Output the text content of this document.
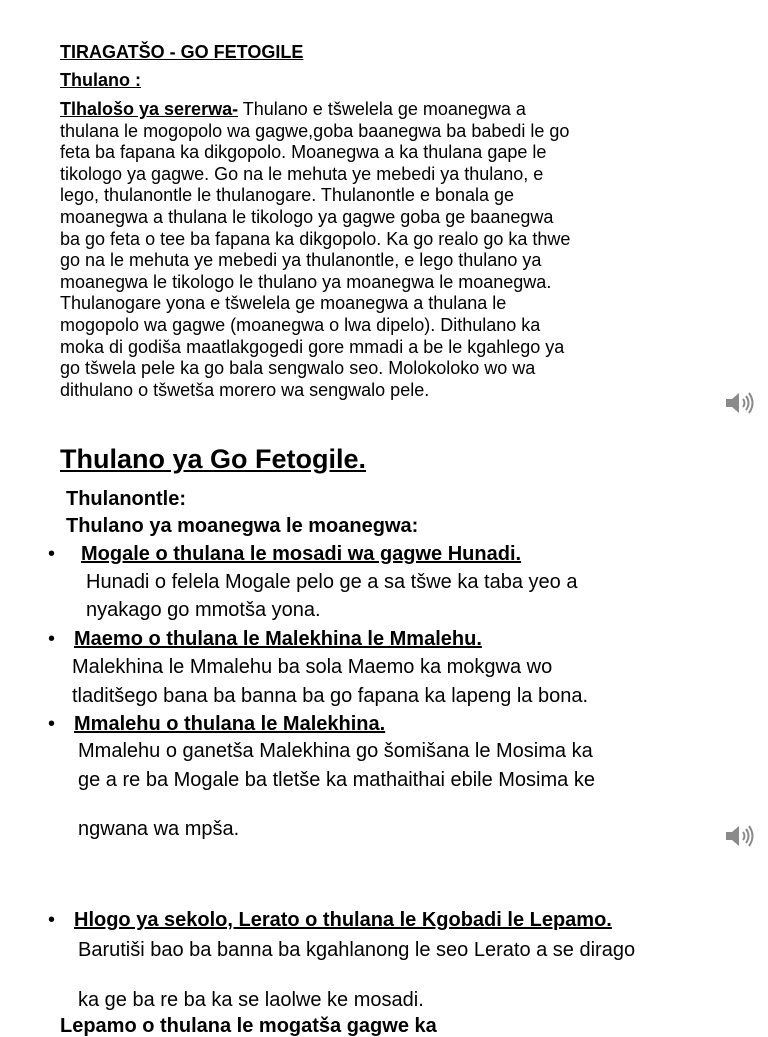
TIRAGATŠO - GO FETOGILE
Thulano :
Tlhalošo ya sererwa- Thulano e tšwelela ge moanegwa a
thulana le mogopolo wa gagwe,goba baanegwa ba babedi le go
feta ba fapana ka dikgopolo. Moanegwa a ka thulana gape le
tikologo ya gagwe. Go na le mehuta ye mebedi ya thulano, e
lego, thulanontle le thulanogare. Thulanontle e bonala ge
moanegwa a thulana le tikologo ya gagwe goba ge baanegwa
ba go feta o tee ba fapana ka dikgopolo. Ka go realo go ka thwe
go na le mehuta ye mebedi ya thulanontle, e lego thulano ya
moanegwa le tikologo le thulano ya moanegwa le moanegwa.
Thulanogare yona e tšwelela ge moanegwa a thulana le
mogopolo wa gagwe (moanegwa o lwa dipelo). Dithulano ka
moka di godiša maatlakgogedi gore mmadi a be le kgahlego ya
go tšwela pele ka go bala sengwalo seo. Molokoloko wo wa
dithulano o tšwetša morero wa sengwalo pele.
Thulano ya Go Fetogile.
Thulanontle:
Thulano ya moanegwa le moanegwa:
• Mogale o thulana le mosadi wa gagwe Hunadi.
Hunadi o felela Mogale pelo ge a sa tšwe ka taba yeo a
nyakago go mmotša yona.
• Maemo o thulana le Malekhina le Mmalehu.
Malekhina le Mmalehu ba sola Maemo ka mokgwa wo
tladitšego bana ba banna ba go fapana ka lapeng la bona.
• Mmalehu o thulana le Malekhina.
Mmalehu o ganetša Malekhina go šomišana le Mosima ka
ge a re ba Mogale ba tletše ka mathaithai ebile Mosima ke
ngwana wa mpša.
• Hlogo ya sekolo, Lerato o thulana le Kgobadi le Lepamo.
Barutiši bao ba banna ba kgahlanong le seo Lerato a se dirago
ka ge ba re ba ka se laolwe ke mosadi.
Lepamo o thulana le mogatša gagwe ka
